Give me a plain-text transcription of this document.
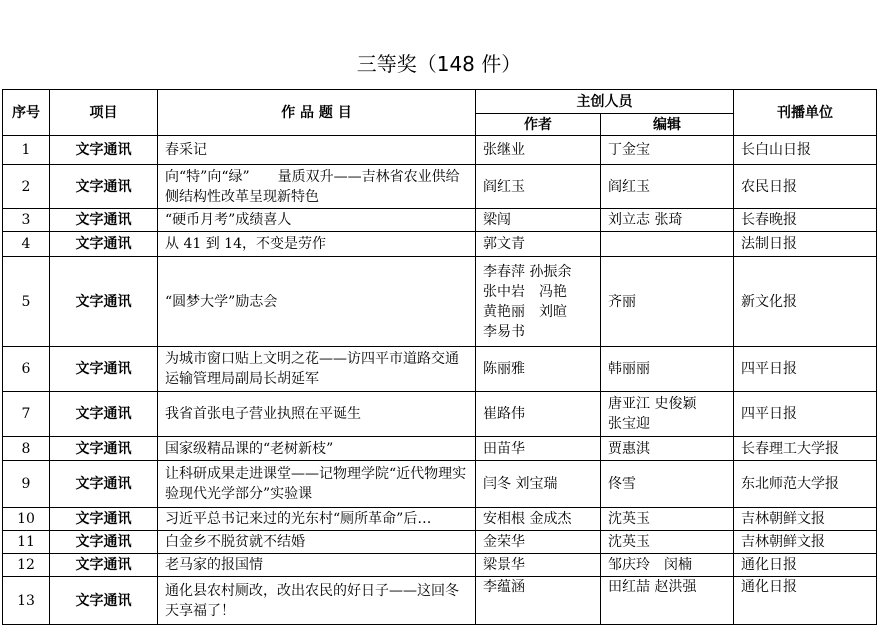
三等奖（148 件）
序号	项目	作 品 题 目	主创人员		刊播单位
			作者	编辑	
1	文字通讯	春采记	张继业	丁金宝	长白山日报
2	文字通讯	向“特”向“绿”　　量质双升——吉林省农业供给侧结构性改革呈现新特色	阎红玉	阎红玉	农民日报
3	文字通讯	“硬币月考”成绩喜人	梁闯	刘立志 张琦	长春晚报
4	文字通讯	从 41 到 14，不变是劳作	郭文青		法制日报
5	文字通讯	“圆梦大学”励志会	李春萍 孙振余
张中岩　冯艳
黄艳丽　刘暄
李易书	齐丽	新文化报
6	文字通讯	为城市窗口贴上文明之花——访四平市道路交通运输管理局副局长胡延军	陈丽雅	韩丽丽	四平日报
7	文字通讯	我省首张电子营业执照在平诞生	崔路伟	唐亚江 史俊颖
张宝迎	四平日报
8	文字通讯	国家级精品课的“老树新枝”	田苗华	贾惠淇	长春理工大学报
9	文字通讯	让科研成果走进课堂——记物理学院“近代物理实验现代光学部分”实验课	闫冬 刘宝瑞	佟雪	东北师范大学报
10	文字通讯	习近平总书记来过的光东村“厕所革命”后…	安相根 金成杰	沈英玉	吉林朝鲜文报
11	文字通讯	白金乡不脱贫就不结婚	金荣华	沈英玉	吉林朝鲜文报
12	文字通讯	老马家的报国情	梁景华	邹庆玲　闵楠	通化日报
13	文字通讯	通化县农村厕改，改出农民的好日子——这回冬天享福了！	李蕴涵	田红喆 赵洪强	通化日报
